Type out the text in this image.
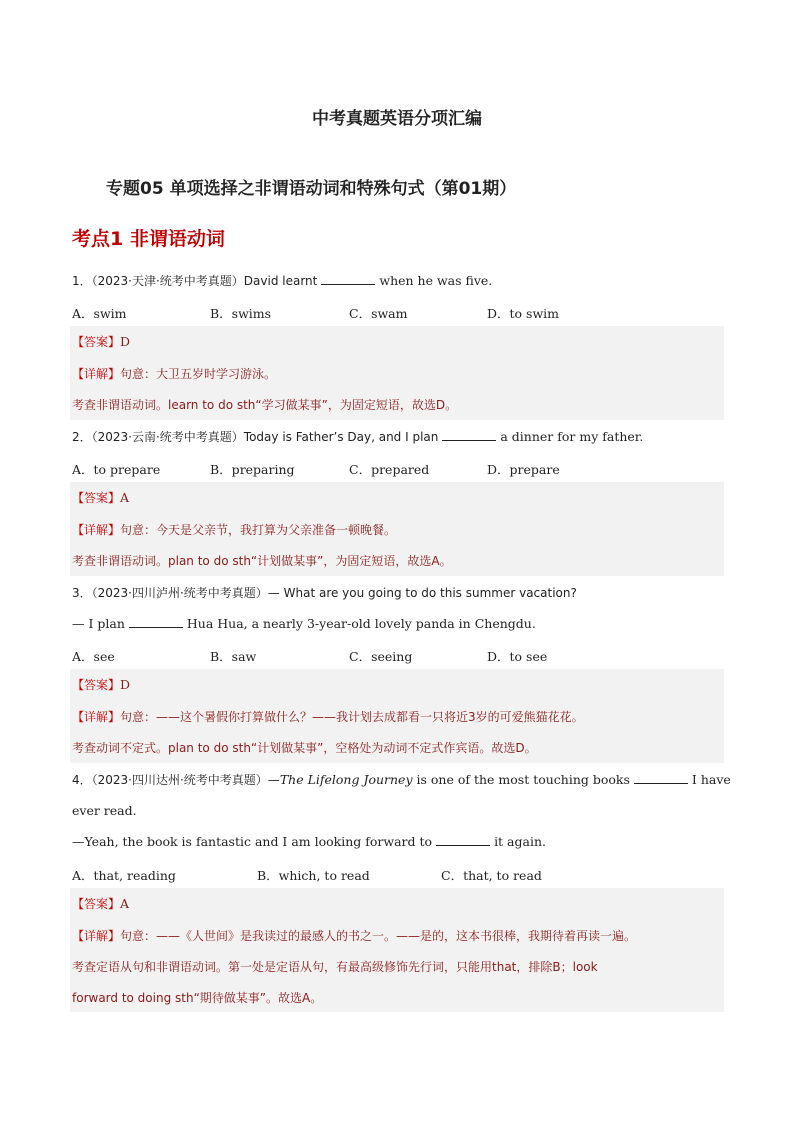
中考真题英语分项汇编
专题05 单项选择之非谓语动词和特殊句式（第01期）
考点1 非谓语动词
1．（2023·天津·统考中考真题）David learnt	when he was five.
A．swim	B．swims	C．swam	D．to swim
【答案】D
【详解】句意：大卫五岁时学习游泳。
考查非谓语动词。learn to do sth“学习做某事”，为固定短语，故选D。
2．（2023·云南·统考中考真题）Today is Father’s Day, and I plan	a dinner for my father.
A．to prepare	B．preparing	C．prepared	D．prepare
【答案】A
【详解】句意：今天是父亲节，我打算为父亲准备一顿晚餐。
考查非谓语动词。plan to do sth“计划做某事”，为固定短语，故选A。
3．（2023·四川泸州·统考中考真题）— What are you going to do this summer vacation?
— I plan	Hua Hua, a nearly 3-year-old lovely panda in Chengdu.
A．see	B．saw	C．seeing	D．to see
【答案】D
【详解】句意：——这个暑假你打算做什么？——我计划去成都看一只将近3岁的可爱熊猫花花。
考查动词不定式。plan to do sth“计划做某事”，空格处为动词不定式作宾语。故选D。
4．（2023·四川达州·统考中考真题）—The Lifelong Journey is one of the most touching books	I have
ever read.
—Yeah, the book is fantastic and I am looking forward to	it again.
A．that, reading	B．which, to read	C．that, to read
【答案】A
【详解】句意：——《人世间》是我读过的最感人的书之一。——是的，这本书很棒，我期待着再读一遍。
考查定语从句和非谓语动词。第一处是定语从句，有最高级修饰先行词，只能用that，排除B；look
forward to doing sth“期待做某事”。故选A。
